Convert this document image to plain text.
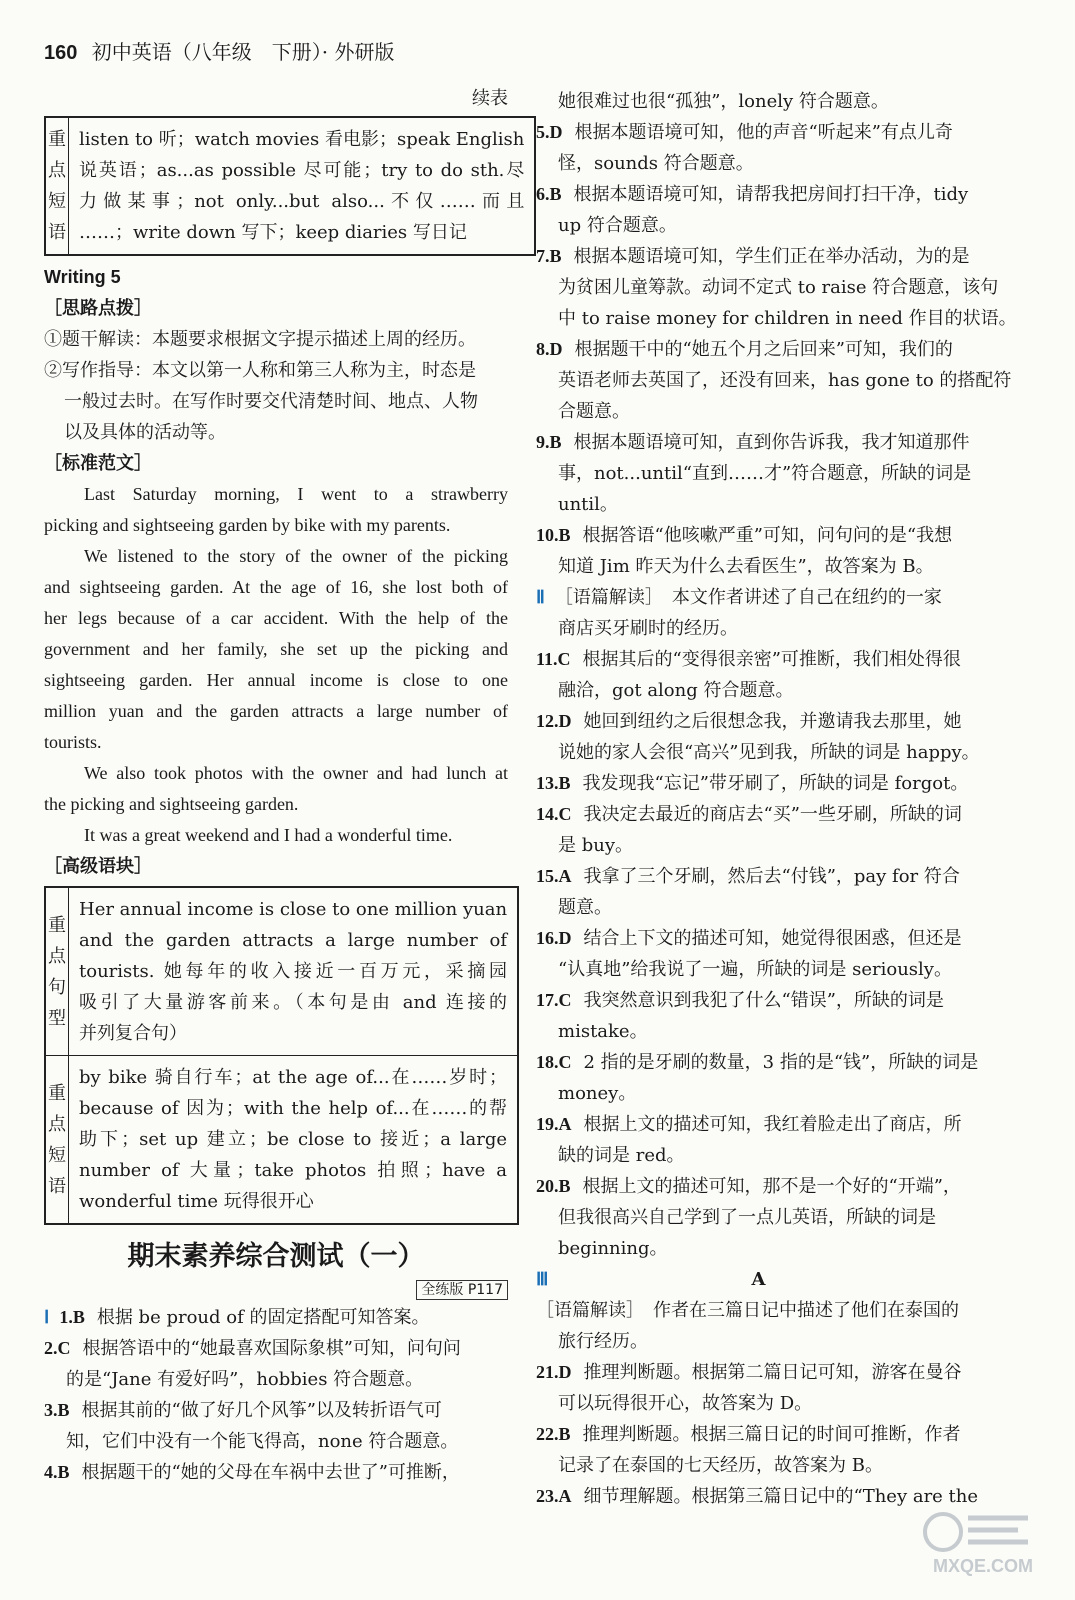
160 初中英语（八年级　下册）· 外研版
续表
重点短语	
listen to 听；watch movies 看电影；speak English
说英语；as...as possible 尽可能；try to do sth.尽
力做某事；not only...but also...不仅……而且
……；write down 写下；keep diaries 写日记
Writing 5
［思路点拨］
①题干解读：本题要求根据文字提示描述上周的经历。
②写作指导：本文以第一人称和第三人称为主，时态是
一般过去时。在写作时要交代清楚时间、地点、人物
以及具体的活动等。
［标准范文］
Last Saturday morning, I went to a strawberry
picking and sightseeing garden by bike with my parents.
We listened to the story of the owner of the picking
and sightseeing garden. At the age of 16, she lost both of
her legs because of a car accident. With the help of the
government and her family, she set up the picking and
sightseeing garden. Her annual income is close to one
million yuan and the garden attracts a large number of
tourists.
We also took photos with the owner and had lunch at
the picking and sightseeing garden.
It was a great weekend and I had a wonderful time.
［高级语块］
重点句型	Her annual income is close to one million yuan
and the garden attracts a large number of
tourists. 她每年的收入接近一百万元，采摘园
吸引了大量游客前来。（本句是由 and 连接的
并列复合句）

重点短语	by bike 骑自行车；at the age of...在……岁时；
because of 因为；with the help of...在……的帮
助下；set up 建立；be close to 接近；a large
number of 大量；take photos 拍照；have a
wonderful time 玩得很开心
期末素养综合测试（一）
全练版 P117
Ⅰ 1.B 根据 be proud of 的固定搭配可知答案。
2.C 根据答语中的“她最喜欢国际象棋”可知，问句问
的是“Jane 有爱好吗”，hobbies 符合题意。
3.B 根据其前的“做了好几个风筝”以及转折语气可
知，它们中没有一个能飞得高，none 符合题意。
4.B 根据题干的“她的父母在车祸中去世了”可推断，
她很难过也很“孤独”，lonely 符合题意。
5.D 根据本题语境可知，他的声音“听起来”有点儿奇
怪，sounds 符合题意。
6.B 根据本题语境可知，请帮我把房间打扫干净，tidy
up 符合题意。
7.B 根据本题语境可知，学生们正在举办活动，为的是
为贫困儿童筹款。动词不定式 to raise 符合题意，该句
中 to raise money for children in need 作目的状语。
8.D 根据题干中的“她五个月之后回来”可知，我们的
英语老师去英国了，还没有回来，has gone to 的搭配符
合题意。
9.B 根据本题语境可知，直到你告诉我，我才知道那件
事，not...until“直到……才”符合题意，所缺的词是
until。
10.B 根据答语“他咳嗽严重”可知，问句问的是“我想
知道 Jim 昨天为什么去看医生”，故答案为 B。
Ⅱ ［语篇解读］　本文作者讲述了自己在纽约的一家
商店买牙刷时的经历。
11.C 根据其后的“变得很亲密”可推断，我们相处得很
融洽，got along 符合题意。
12.D 她回到纽约之后很想念我，并邀请我去那里，她
说她的家人会很“高兴”见到我，所缺的词是 happy。
13.B 我发现我“忘记”带牙刷了，所缺的词是 forgot。
14.C 我决定去最近的商店去“买”一些牙刷，所缺的词
是 buy。
15.A 我拿了三个牙刷，然后去“付钱”，pay for 符合
题意。
16.D 结合上下文的描述可知，她觉得很困惑，但还是
“认真地”给我说了一遍，所缺的词是 seriously。
17.C 我突然意识到我犯了什么“错误”，所缺的词是
mistake。
18.C 2 指的是牙刷的数量，3 指的是“钱”，所缺的词是
money。
19.A 根据上文的描述可知，我红着脸走出了商店，所
缺的词是 red。
20.B 根据上文的描述可知，那不是一个好的“开端”，
但我很高兴自己学到了一点儿英语，所缺的词是
beginning。
Ⅲ	A
［语篇解读］　作者在三篇日记中描述了他们在泰国的
旅行经历。
21.D 推理判断题。根据第二篇日记可知，游客在曼谷
可以玩得很开心，故答案为 D。
22.B 推理判断题。根据三篇日记的时间可推断，作者
记录了在泰国的七天经历，故答案为 B。
23.A 细节理解题。根据第三篇日记中的“They are the
MXQE.COM
